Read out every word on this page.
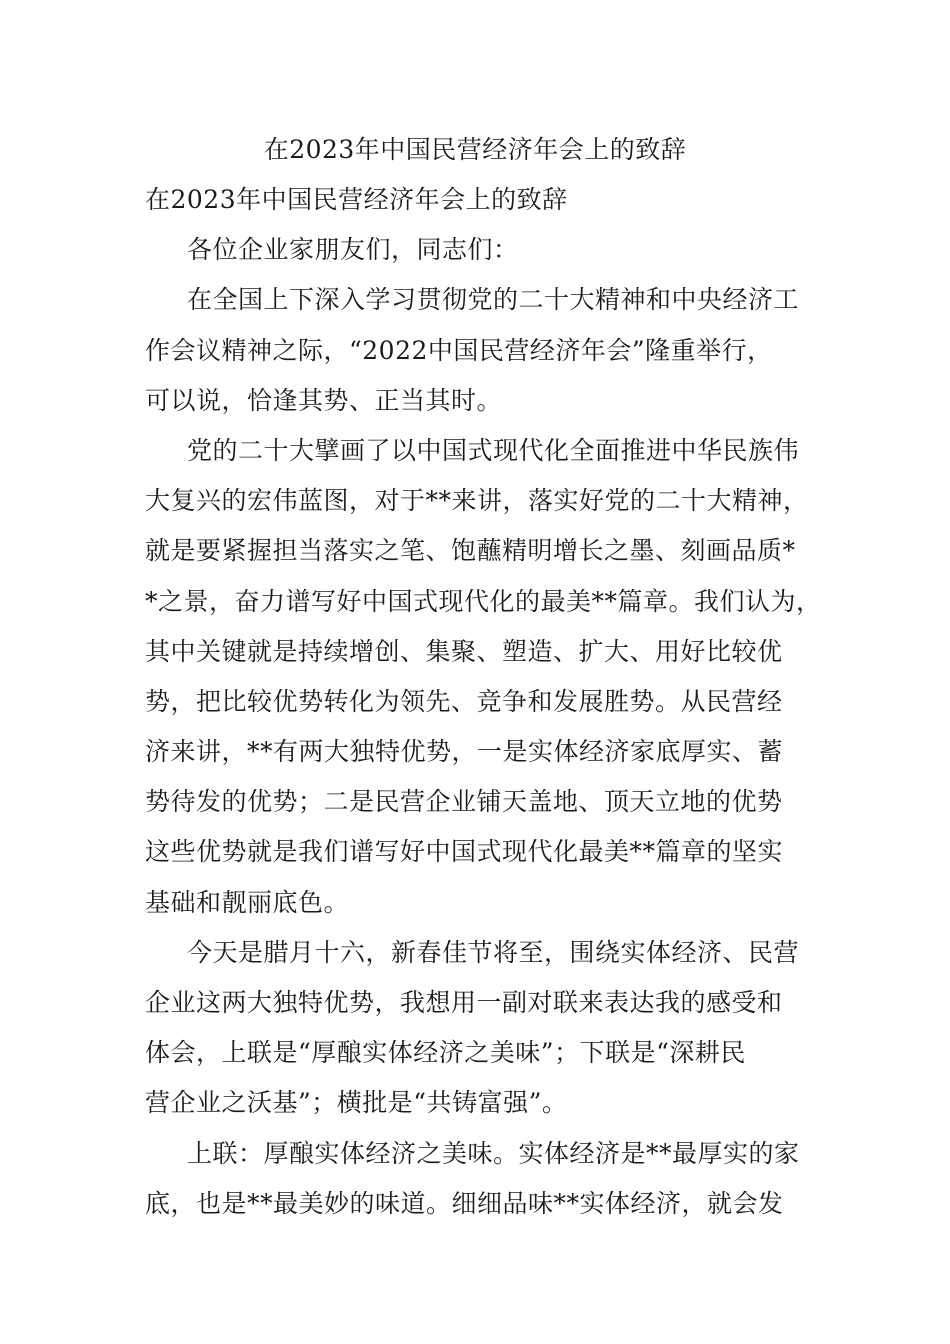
在2023年中国民营经济年会上的致辞
在2023年中国民营经济年会上的致辞
各位企业家朋友们，同志们：
在全国上下深入学习贯彻党的二十大精神和中央经济工
作会议精神之际，“2022中国民营经济年会”隆重举行，
可以说，恰逢其势、正当其时。
党的二十大擘画了以中国式现代化全面推进中华民族伟
大复兴的宏伟蓝图，对于**来讲，落实好党的二十大精神，
就是要紧握担当落实之笔、饱蘸精明增长之墨、刻画品质*
*之景，奋力谱写好中国式现代化的最美**篇章。我们认为，
其中关键就是持续增创、集聚、塑造、扩大、用好比较优
势，把比较优势转化为领先、竞争和发展胜势。从民营经
济来讲，**有两大独特优势，一是实体经济家底厚实、蓄
势待发的优势；二是民营企业铺天盖地、顶天立地的优势
这些优势就是我们谱写好中国式现代化最美**篇章的坚实
基础和靓丽底色。
今天是腊月十六，新春佳节将至，围绕实体经济、民营
企业这两大独特优势，我想用一副对联来表达我的感受和
体会，上联是“厚酿实体经济之美味”；下联是“深耕民
营企业之沃基”；横批是“共铸富强”。
上联：厚酿实体经济之美味。实体经济是**最厚实的家
底，也是**最美妙的味道。细细品味**实体经济，就会发
